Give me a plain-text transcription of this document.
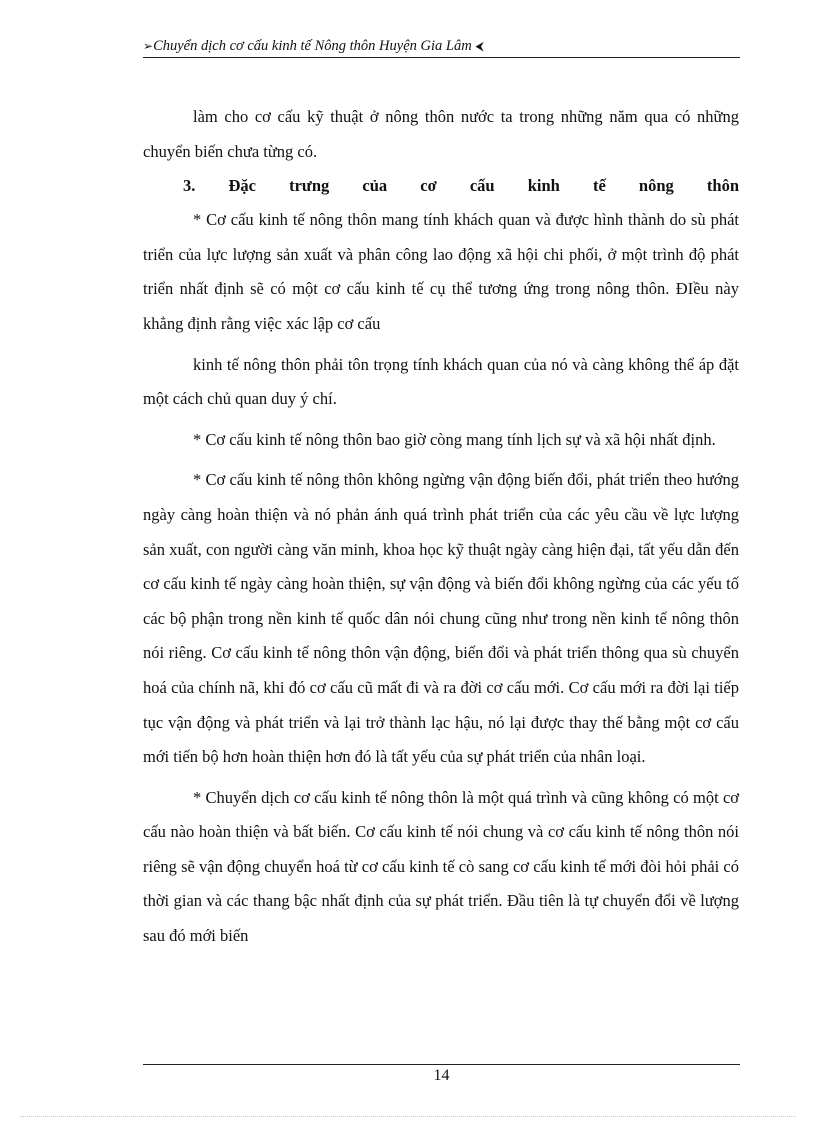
➢Chuyển dịch cơ cấu kinh tế Nông thôn Huyện Gia Lâm ⮜

làm cho cơ cấu kỹ thuật ở nông thôn nước ta trong những năm qua có những chuyển biến chưa từng có.

3. Đặc trưng của cơ cấu kinh tế nông thôn

* Cơ cấu kinh tế nông thôn mang tính khách quan và được hình thành do sù phát triển của lực lượng sản xuất và phân công lao động xã hội chi phối, ở một trình độ phát triển nhất định sẽ có một cơ cấu kinh tế cụ thể tương ứng trong nông thôn. ĐIều này khẳng định rằng việc xác lập cơ cấu

kinh tế nông thôn phải tôn trọng tính khách quan của nó và càng không thể áp đặt một cách chủ quan duy ý chí.

* Cơ cấu kinh tế nông thôn bao giờ còng mang tính lịch sự và xã hội nhất định.

* Cơ cấu kinh tế nông thôn không ngừng vận động biến đổi, phát triển theo hướng ngày càng hoàn thiện và nó phản ánh quá trình phát triển của các yêu cầu về lực lượng sản xuất, con người càng văn minh, khoa học kỹ thuật ngày càng hiện đại, tất yếu dẫn đến cơ cấu kinh tế ngày càng hoàn thiện, sự vận động và biến đổi không ngừng của các yếu tố các bộ phận trong nền kinh tế quốc dân nói chung cũng như trong nền kinh tế nông thôn nói riêng. Cơ cấu kinh tế nông thôn vận động, biến đổi và phát triển thông qua sù chuyển hoá của chính nã, khi đó cơ cấu cũ mất đi và ra đời cơ cấu mới. Cơ cấu mới ra đời lại tiếp tục vận động và phát triển và lại trở thành lạc hậu, nó lại được thay thế bằng một cơ cấu mới tiến bộ hơn hoàn thiện hơn đó là tất yếu của sự phát triển của nhân loại.

* Chuyển dịch cơ cấu kinh tế nông thôn là một quá trình và cũng không có một cơ cấu nào hoàn thiện và bất biến. Cơ cấu kinh tế nói chung và cơ cấu kinh tế nông thôn nói riêng sẽ vận động chuyển hoá từ cơ cấu kinh tế cò sang cơ cấu kinh tế mới đòi hỏi phải có thời gian và các thang bậc nhất định của sự phát triển. Đầu tiên là tự chuyển đổi về lượng sau đó mới biến

14
